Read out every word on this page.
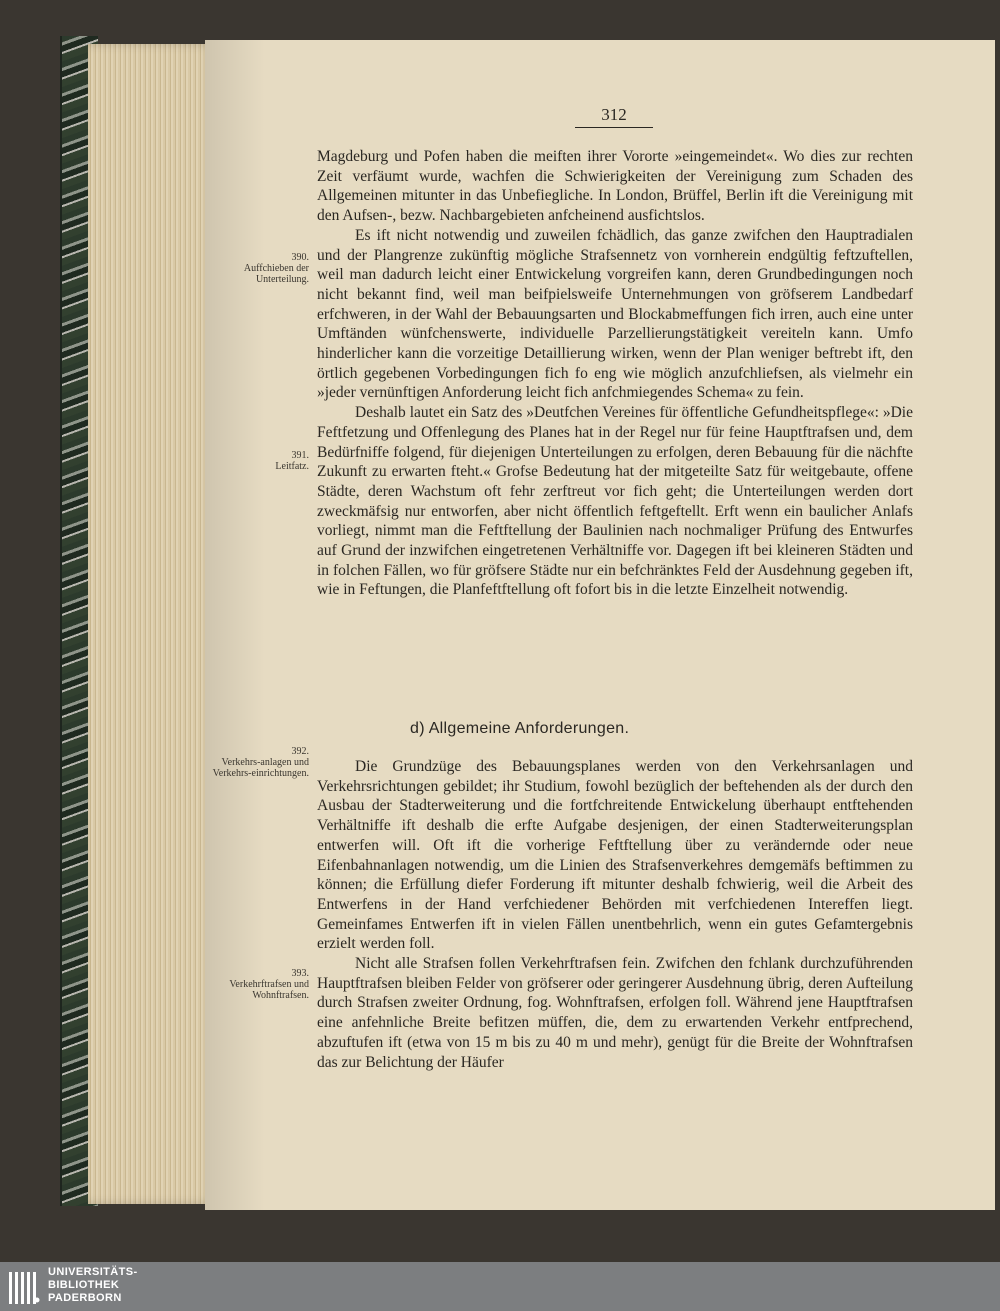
312

Magdeburg und Pofen haben die meiften ihrer Vororte »eingemeindet«. Wo dies zur rechten Zeit verfäumt wurde, wachfen die Schwierigkeiten der Vereinigung zum Schaden des Allgemeinen mitunter in das Unbefiegliche. In London, Brüffel, Berlin ift die Vereinigung mit den Aufsen-, bezw. Nachbargebieten anfcheinend ausfichtslos.

Es ift nicht notwendig und zuweilen fchädlich, das ganze zwifchen den Hauptradialen und der Plangrenze zukünftig mögliche Strafsennetz von vornherein endgültig feftzuftellen, weil man dadurch leicht einer Entwickelung vorgreifen kann, deren Grundbedingungen noch nicht bekannt find, weil man beifpielsweife Unternehmungen von gröfserem Landbedarf erfchweren, in der Wahl der Bebauungsarten und Blockabmeffungen fich irren, auch eine unter Umftänden wünfchenswerte, individuelle Parzellierungstätigkeit vereiteln kann. Umfo hinderlicher kann die vorzeitige Detaillierung wirken, wenn der Plan weniger beftrebt ift, den örtlich gegebenen Vorbedingungen fich fo eng wie möglich anzufchliefsen, als vielmehr ein »jeder vernünftigen Anforderung leicht fich anfchmiegendes Schema« zu fein.

Deshalb lautet ein Satz des »Deutfchen Vereines für öffentliche Gefundheitspflege«: »Die Feftfetzung und Offenlegung des Planes hat in der Regel nur für feine Hauptftrafsen und, dem Bedürfniffe folgend, für diejenigen Unterteilungen zu erfolgen, deren Bebauung für die nächfte Zukunft zu erwarten fteht.« Grofse Bedeutung hat der mitgeteilte Satz für weitgebaute, offene Städte, deren Wachstum oft fehr zerftreut vor fich geht; die Unterteilungen werden dort zweckmäfsig nur entworfen, aber nicht öffentlich feftgeftellt. Erft wenn ein baulicher Anlafs vorliegt, nimmt man die Feftftellung der Baulinien nach nochmaliger Prüfung des Entwurfes auf Grund der inzwifchen eingetretenen Verhältniffe vor. Dagegen ift bei kleineren Städten und in folchen Fällen, wo für gröfsere Städte nur ein befchränktes Feld der Ausdehnung gegeben ift, wie in Feftungen, die Planfeftftellung oft fofort bis in die letzte Einzelheit notwendig.

d) Allgemeine Anforderungen.

Die Grundzüge des Bebauungsplanes werden von den Verkehrsanlagen und Verkehrsrichtungen gebildet; ihr Studium, fowohl bezüglich der beftehenden als der durch den Ausbau der Stadterweiterung und die fortfchreitende Entwickelung überhaupt entftehenden Verhältniffe ift deshalb die erfte Aufgabe desjenigen, der einen Stadterweiterungsplan entwerfen will. Oft ift die vorherige Feftftellung über zu verändernde oder neue Eifenbahnanlagen notwendig, um die Linien des Strafsenverkehres demgemäfs beftimmen zu können; die Erfüllung diefer Forderung ift mitunter deshalb fchwierig, weil die Arbeit des Entwerfens in der Hand verfchiedener Behörden mit verfchiedenen Intereffen liegt. Gemeinfames Entwerfen ift in vielen Fällen unentbehrlich, wenn ein gutes Gefamtergebnis erzielt werden foll.

Nicht alle Strafsen follen Verkehrftrafsen fein. Zwifchen den fchlank durchzuführenden Hauptftrafsen bleiben Felder von gröfserer oder geringerer Ausdehnung übrig, deren Aufteilung durch Strafsen zweiter Ordnung, fog. Wohnftrafsen, erfolgen foll. Während jene Hauptftrafsen eine anfehnliche Breite befitzen müffen, die, dem zu erwartenden Verkehr entfprechend, abzuftufen ift (etwa von 15 m bis zu 40 m und mehr), genügt für die Breite der Wohnftrafsen das zur Belichtung der Häufer

390.
Auffchieben der Unterteilung.
391.
Leitfatz.
392.
Verkehrs-anlagen und Verkehrs-einrichtungen.
393.
Verkehrftrafsen und Wohnftrafsen.
UNIVERSITÄTS-
BIBLIOTHEK
PADERBORN
